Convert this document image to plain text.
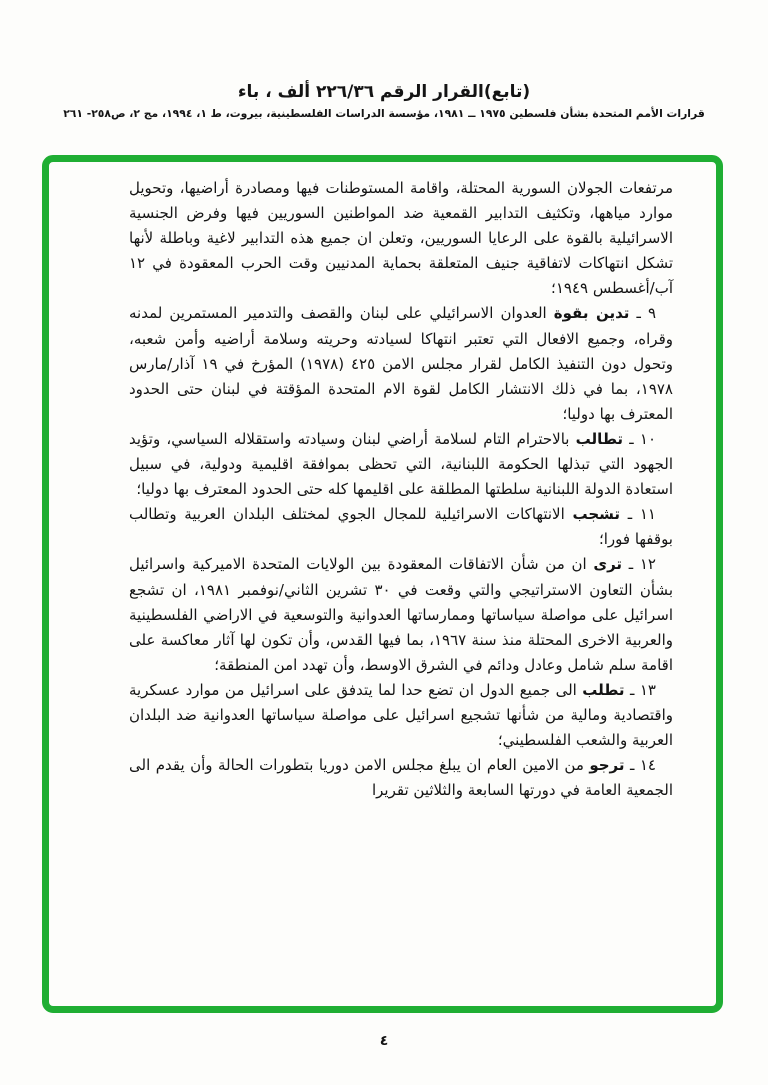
(تابع)القرار الرقم ٢٢٦/٣٦ ألف ، باء
قرارات الأمم المتحدة بشأن فلسطين ١٩٧٥ ــ ١٩٨١، مؤسسة الدراسات الفلسطينية، بيروت، ط ١، ١٩٩٤، مج ٢، ص٢٥٨- ٢٦١

مرتفعات الجولان السورية المحتلة، واقامة المستوطنات فيها ومصادرة أراضيها، وتحويل موارد مياهها، وتكثيف التدابير القمعية ضد المواطنين السوريين فيها وفرض الجنسية الاسرائيلية بالقوة على الرعايا السوريين، وتعلن ان جميع هذه التدابير لاغية وباطلة لأنها تشكل انتهاكات لاتفاقية جنيف المتعلقة بحماية المدنيين وقت الحرب المعقودة في ١٢ آب/أغسطس ١٩٤٩؛

٩ ـ تدين بقوة العدوان الاسرائيلي على لبنان والقصف والتدمير المستمرين لمدنه وقراه، وجميع الافعال التي تعتبر انتهاكا لسيادته وحريته وسلامة أراضيه وأمن شعبه، وتحول دون التنفيذ الكامل لقرار مجلس الامن ٤٢٥ (١٩٧٨) المؤرخ في ١٩ آذار/مارس ١٩٧٨، بما في ذلك الانتشار الكامل لقوة الام المتحدة المؤقتة في لبنان حتى الحدود المعترف بها دوليا؛

١٠ ـ تطالب بالاحترام التام لسلامة أراضي لبنان وسيادته واستقلاله السياسي، وتؤيد الجهود التي تبذلها الحكومة اللبنانية، التي تحظى بموافقة اقليمية ودولية، في سبيل استعادة الدولة اللبنانية سلطتها المطلقة على اقليمها كله حتى الحدود المعترف بها دوليا؛

١١ ـ تشجب الانتهاكات الاسرائيلية للمجال الجوي لمختلف البلدان العربية وتطالب بوقفها فورا؛

١٢ ـ ترى ان من شأن الاتفاقات المعقودة بين الولايات المتحدة الاميركية واسرائيل بشأن التعاون الاستراتيجي والتي وقعت في ٣٠ تشرين الثاني/نوفمبر ١٩٨١، ان تشجع اسرائيل على مواصلة سياساتها وممارساتها العدوانية والتوسعية في الاراضي الفلسطينية والعربية الاخرى المحتلة منذ سنة ١٩٦٧، بما فيها القدس، وأن تكون لها آثار معاكسة على اقامة سلم شامل وعادل ودائم في الشرق الاوسط، وأن تهدد امن المنطقة؛

١٣ ـ تطلب الى جميع الدول ان تضع حدا لما يتدفق على اسرائيل من موارد عسكرية واقتصادية ومالية من شأنها تشجيع اسرائيل على مواصلة سياساتها العدوانية ضد البلدان العربية والشعب الفلسطيني؛

١٤ ـ ترجو من الامين العام ان يبلغ مجلس الامن دوريا بتطورات الحالة وأن يقدم الى الجمعية العامة في دورتها السابعة والثلاثين تقريرا

٤
